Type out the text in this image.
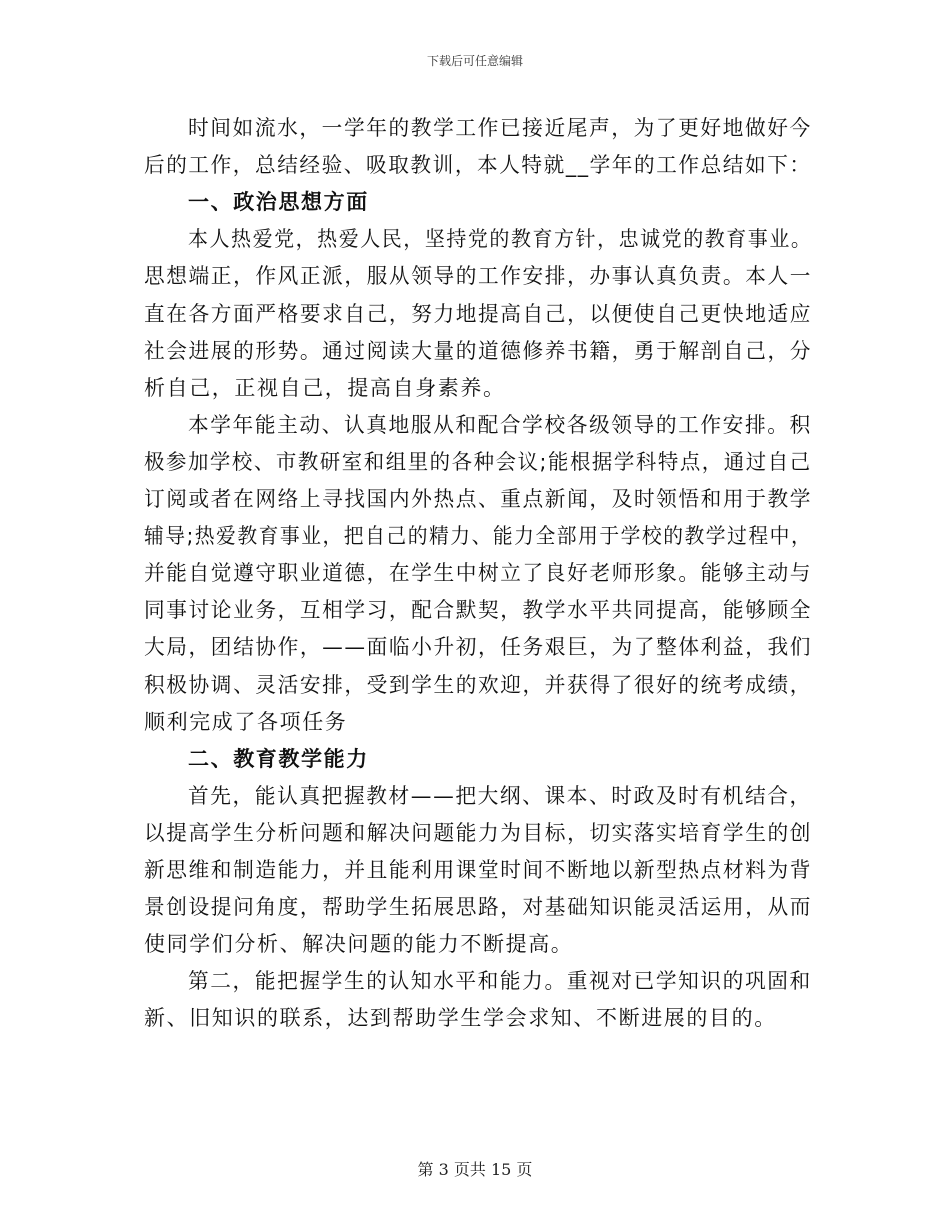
下载后可任意编辑
时间如流水，一学年的教学工作已接近尾声，为了更好地做好今
后的工作，总结经验、吸取教训，本人特就__学年的工作总结如下：
一、政治思想方面
本人热爱党，热爱人民，坚持党的教育方针，忠诚党的教育事业。
思想端正，作风正派，服从领导的工作安排，办事认真负责。本人一
直在各方面严格要求自己，努力地提高自己，以便使自己更快地适应
社会进展的形势。通过阅读大量的道德修养书籍，勇于解剖自己，分
析自己，正视自己，提高自身素养。
本学年能主动、认真地服从和配合学校各级领导的工作安排。积
极参加学校、市教研室和组里的各种会议;能根据学科特点，通过自己
订阅或者在网络上寻找国内外热点、重点新闻，及时领悟和用于教学
辅导;热爱教育事业，把自己的精力、能力全部用于学校的教学过程中，
并能自觉遵守职业道德，在学生中树立了良好老师形象。能够主动与
同事讨论业务，互相学习，配合默契，教学水平共同提高，能够顾全
大局，团结协作，——面临小升初，任务艰巨，为了整体利益，我们
积极协调、灵活安排，受到学生的欢迎，并获得了很好的统考成绩，
顺利完成了各项任务
二、教育教学能力
首先，能认真把握教材——把大纲、课本、时政及时有机结合，
以提高学生分析问题和解决问题能力为目标，切实落实培育学生的创
新思维和制造能力，并且能利用课堂时间不断地以新型热点材料为背
景创设提问角度，帮助学生拓展思路，对基础知识能灵活运用，从而
使同学们分析、解决问题的能力不断提高。
第二，能把握学生的认知水平和能力。重视对已学知识的巩固和
新、旧知识的联系，达到帮助学生学会求知、不断进展的目的。
第 3 页共 15 页
